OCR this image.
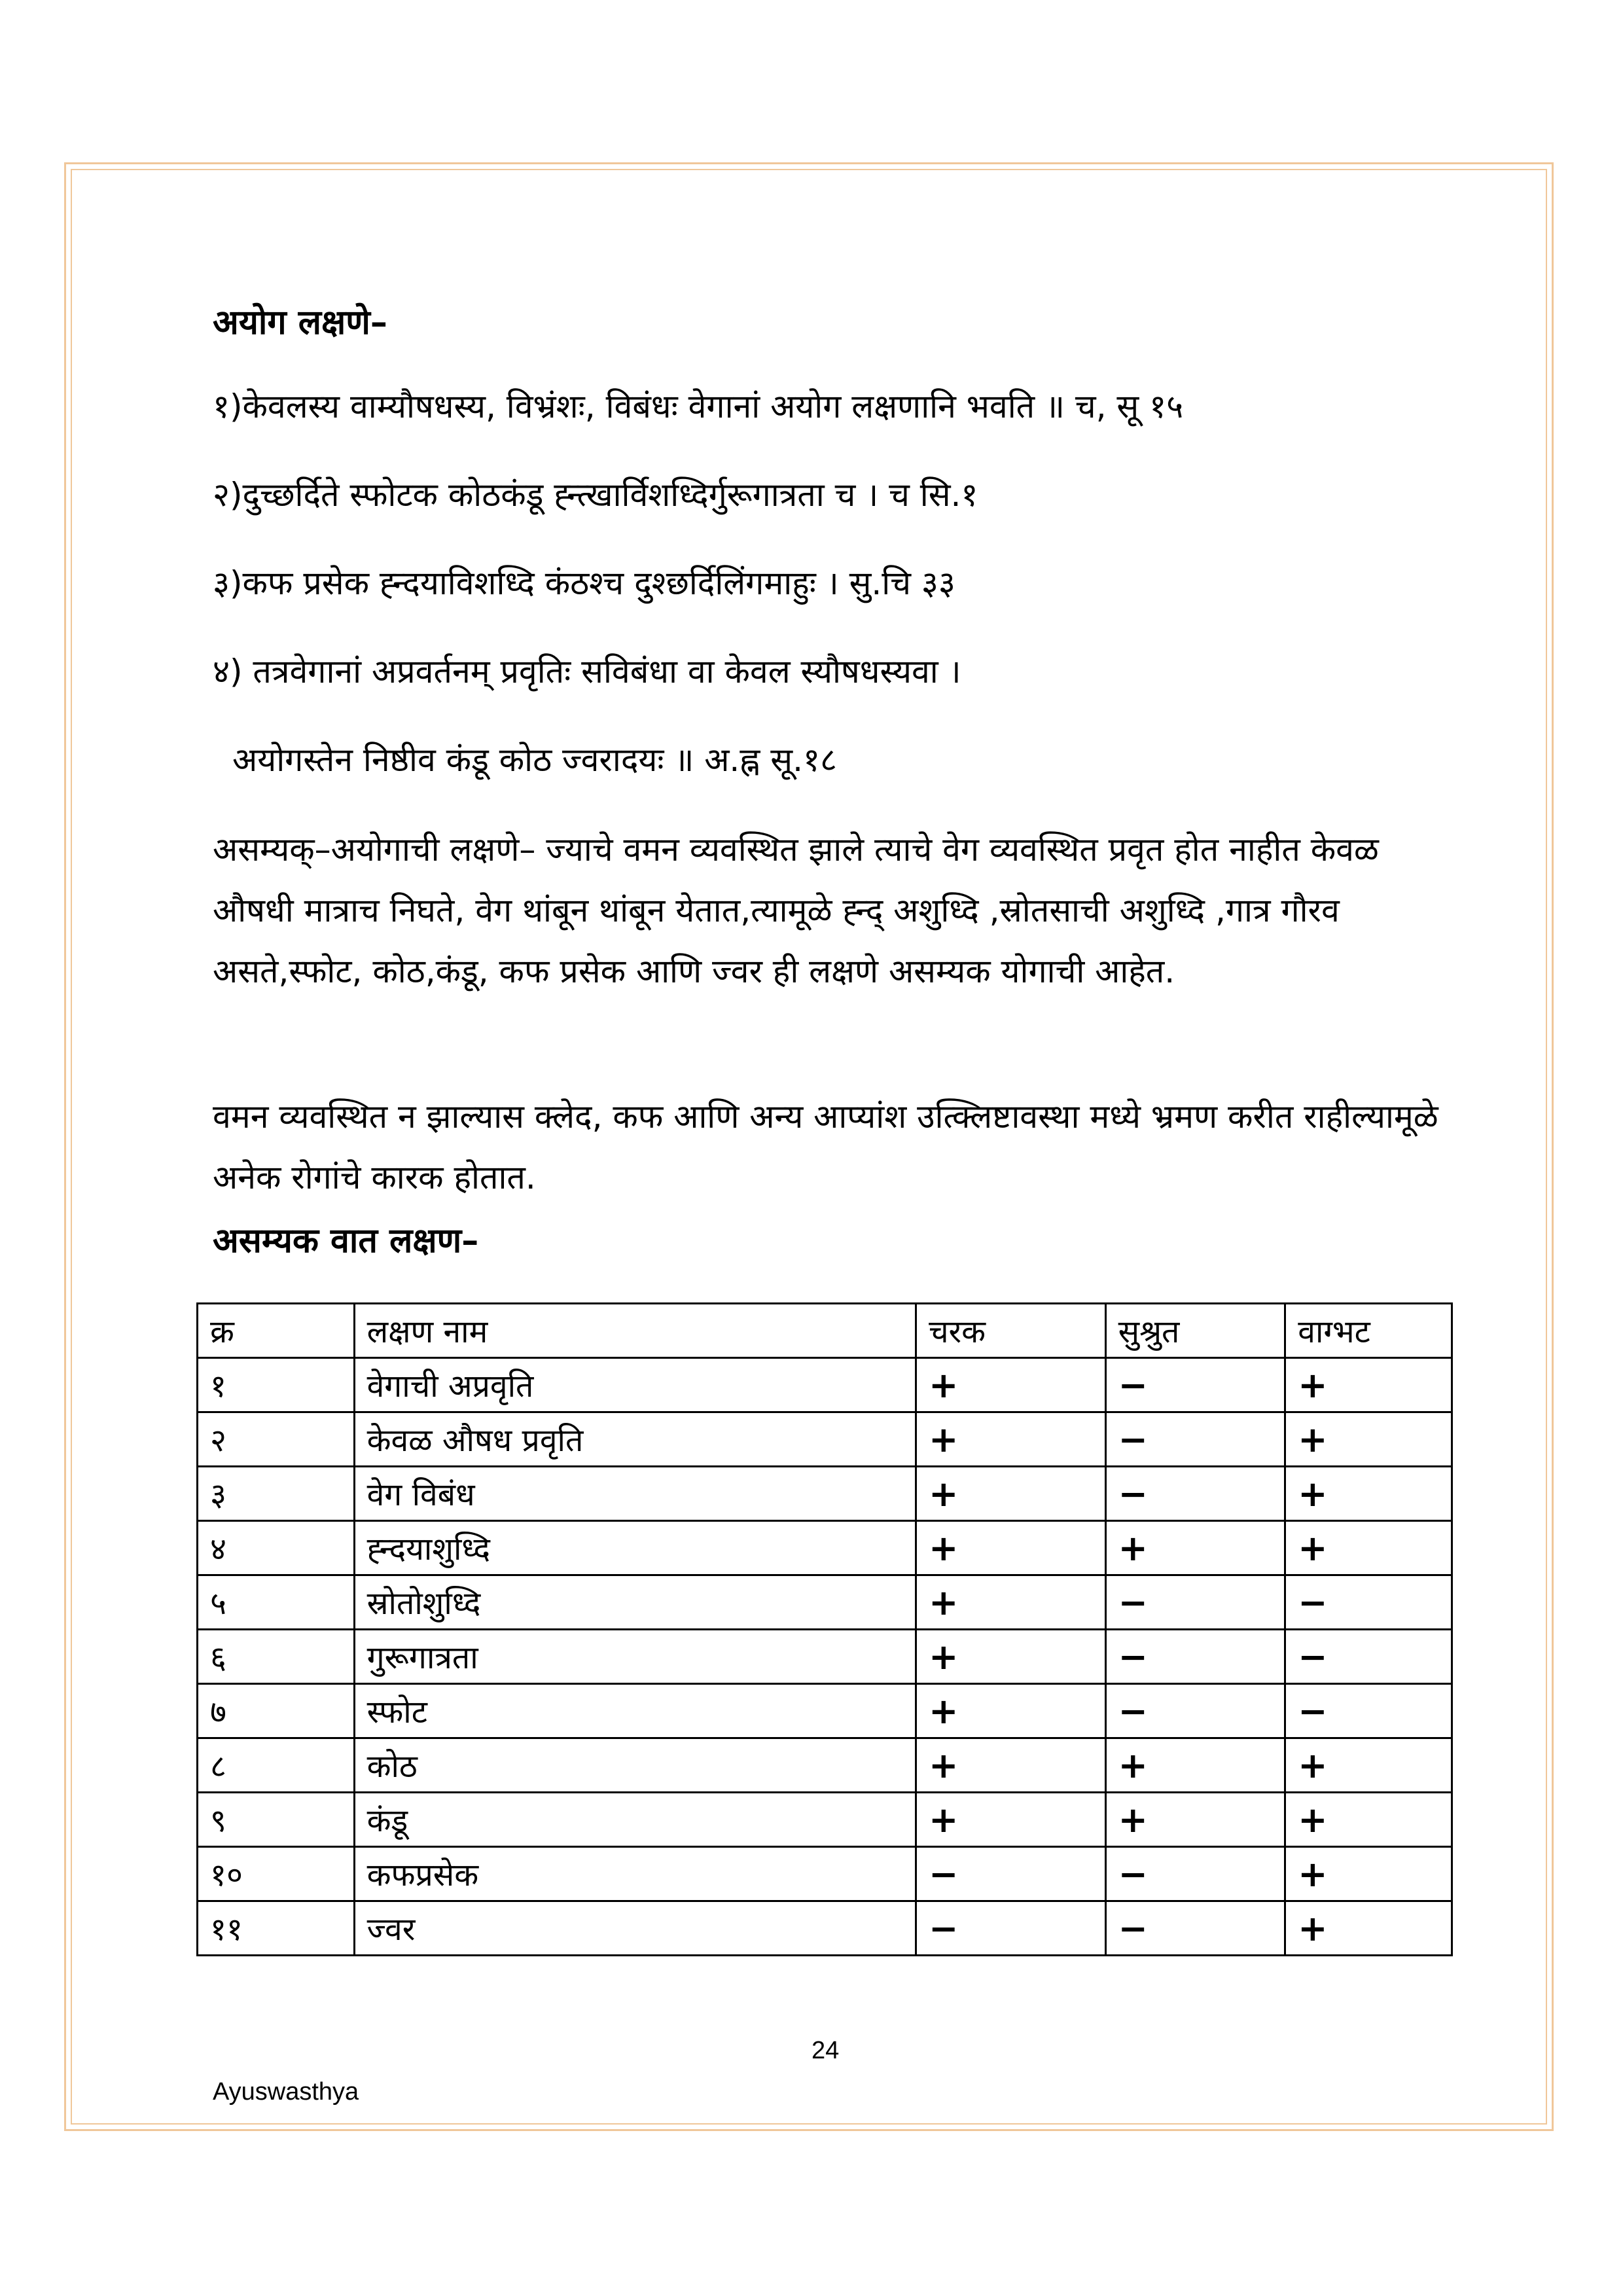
अयोग लक्षणे–
१)केवलस्य वाम्यौषधस्य, विभ्रंशः, विबंधः वेगानां अयोग लक्षणानि भवति ॥ च, सू १५
२)दुच्छर्दिते स्फोटक कोठकंडू ह्न्त्खार्विशध्दिर्गुरूगात्रता च । च सि.१
३)कफ प्रसेक ह्न्दयाविशध्दि कंठश्च दुश्छर्दिलिंगमाहुः । सु.चि ३३
४) तत्रवेगानां अप्रवर्तनम् प्रवृतिः सविबंधा वा केवल स्यौषधस्यवा ।
अयोगस्तेन निष्ठीव कंडू कोठ ज्वरादयः ॥ अ.ह्न सू.१८
असम्यक्–अयोगाची लक्षणे– ज्याचे वमन व्यवस्थित झाले त्याचे वेग व्यवस्थित प्रवृत होत नाहीत केवळ औषधी मात्राच निघते, वेग थांबून थांबून येतात,त्यामूळे ह्न्द् अशुध्दि ,स्रोतसाची अशुध्दि ,गात्र गौरव असते,स्फोट, कोठ,कंडू, कफ प्रसेक आणि ज्वर ही लक्षणे असम्यक योगाची आहेत.
वमन व्यवस्थित न झाल्यास क्लेद, कफ आणि अन्य आप्यांश उत्क्लिष्टावस्था मध्ये भ्रमण करीत राहील्यामूळे अनेक रोगांचे कारक होतात.
असम्यक वात लक्षण–
क्र	लक्षण नाम	चरक	सुश्रुत	वाग्भट
१	वेगाची अप्रवृति	+	−	+
२	केवळ औषध प्रवृति	+	−	+
३	वेग विबंध	+	−	+
४	ह्न्दयाशुध्दि	+	+	+
५	स्रोतोशुध्दि	+	−	−
६	गुरूगात्रता	+	−	−
७	स्फोट	+	−	−
८	कोठ	+	+	+
९	कंडू	+	+	+
१०	कफप्रसेक	−	−	+
११	ज्वर	−	−	+
24
Ayuswasthya
